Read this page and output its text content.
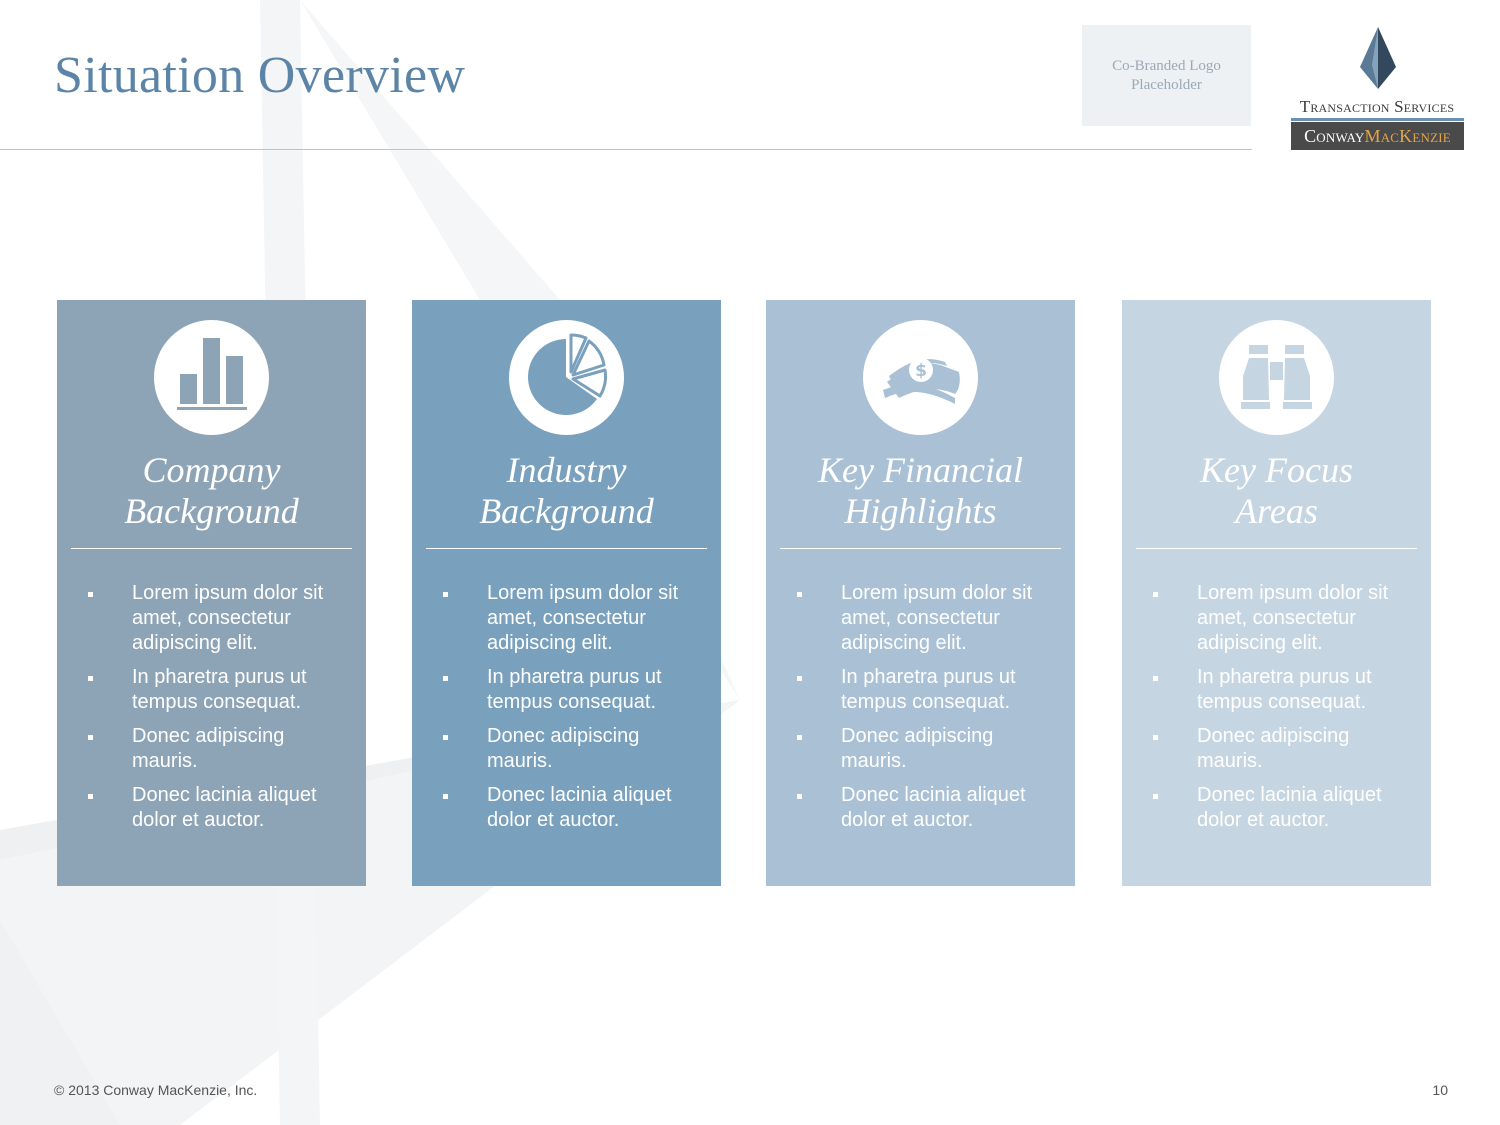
Situation Overview	Co-Branded Logo
Placeholder
Transaction Services
Conway MacKenzie
Company
Background
Lorem ipsum dolor sit amet, consectetur adipiscing elit.
In pharetra purus ut tempus consequat.
Donec adipiscing mauris.
Donec lacinia aliquet dolor et auctor.
Industry
Background
Lorem ipsum dolor sit amet, consectetur adipiscing elit.
In pharetra purus ut tempus consequat.
Donec adipiscing mauris.
Donec lacinia aliquet dolor et auctor.
$
Key Financial
Highlights
Lorem ipsum dolor sit amet, consectetur adipiscing elit.
In pharetra purus ut tempus consequat.
Donec adipiscing mauris.
Donec lacinia aliquet dolor et auctor.
Key Focus
Areas
Lorem ipsum dolor sit amet, consectetur adipiscing elit.
In pharetra purus ut tempus consequat.
Donec adipiscing mauris.
Donec lacinia aliquet dolor et auctor.
© 2013 Conway MacKenzie, Inc.	10
